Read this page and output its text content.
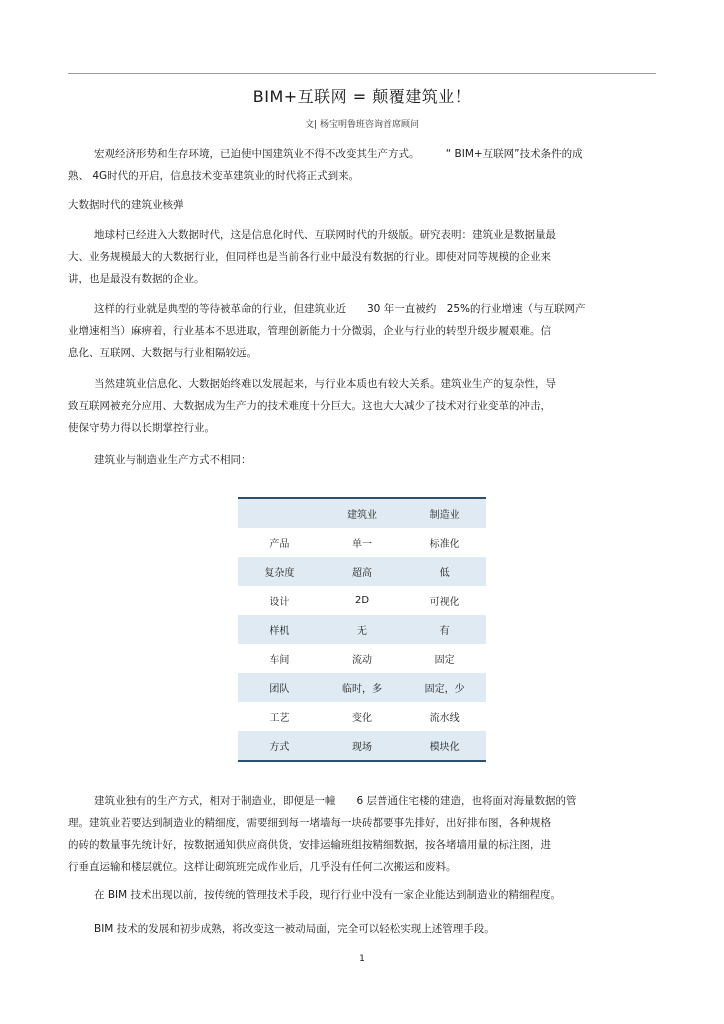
BIM+互联网 = 颠覆建筑业！
文| 杨宝明鲁班咨询首席顾问
宏观经济形势和生存环境，已迫使中国建筑业不得不改变其生产方式。　　　“ BIM+互联网”技术条件的成
熟、 4G时代的开启，信息技术变革建筑业的时代将正式到来。
大数据时代的建筑业核弹
地球村已经进入大数据时代，这是信息化时代、互联网时代的升级版。研究表明：建筑业是数据量最
大、业务规模最大的大数据行业，但同样也是当前各行业中最没有数据的行业。即使对同等规模的企业来
讲，也是最没有数据的企业。
这样的行业就是典型的等待被革命的行业，但建筑业近　　30 年一直被约　25%的行业增速（与互联网产
业增速相当）麻痹着，行业基本不思进取，管理创新能力十分微弱，企业与行业的转型升级步履艰难。信
息化、互联网、大数据与行业相隔较远。
当然建筑业信息化、大数据始终难以发展起来，与行业本质也有较大关系。建筑业生产的复杂性，导
致互联网被充分应用、大数据成为生产力的技术难度十分巨大。这也大大减少了技术对行业变革的冲击，
使保守势力得以长期掌控行业。
建筑业与制造业生产方式不相同：
	建筑业	制造业
产品	单一	标准化
复杂度	超高	低
设计	2D	可视化
样机	无	有
车间	流动	固定
团队	临时，多	固定，少
工艺	变化	流水线
方式	现场	模块化
建筑业独有的生产方式，相对于制造业，即便是一幢　　6 层普通住宅楼的建造，也将面对海量数据的管
理。建筑业若要达到制造业的精细度，需要细到每一堵墙每一块砖都要事先排好，出好排布图，各种规格
的砖的数量事先统计好，按数据通知供应商供货，安排运输班组按精细数据，按各堵墙用量的标注图，进
行垂直运输和楼层就位。这样让砌筑班完成作业后，几乎没有任何二次搬运和废料。
在 BIM 技术出现以前，按传统的管理技术手段，现行行业中没有一家企业能达到制造业的精细程度。
BIM 技术的发展和初步成熟，将改变这一被动局面，完全可以轻松实现上述管理手段。
1
